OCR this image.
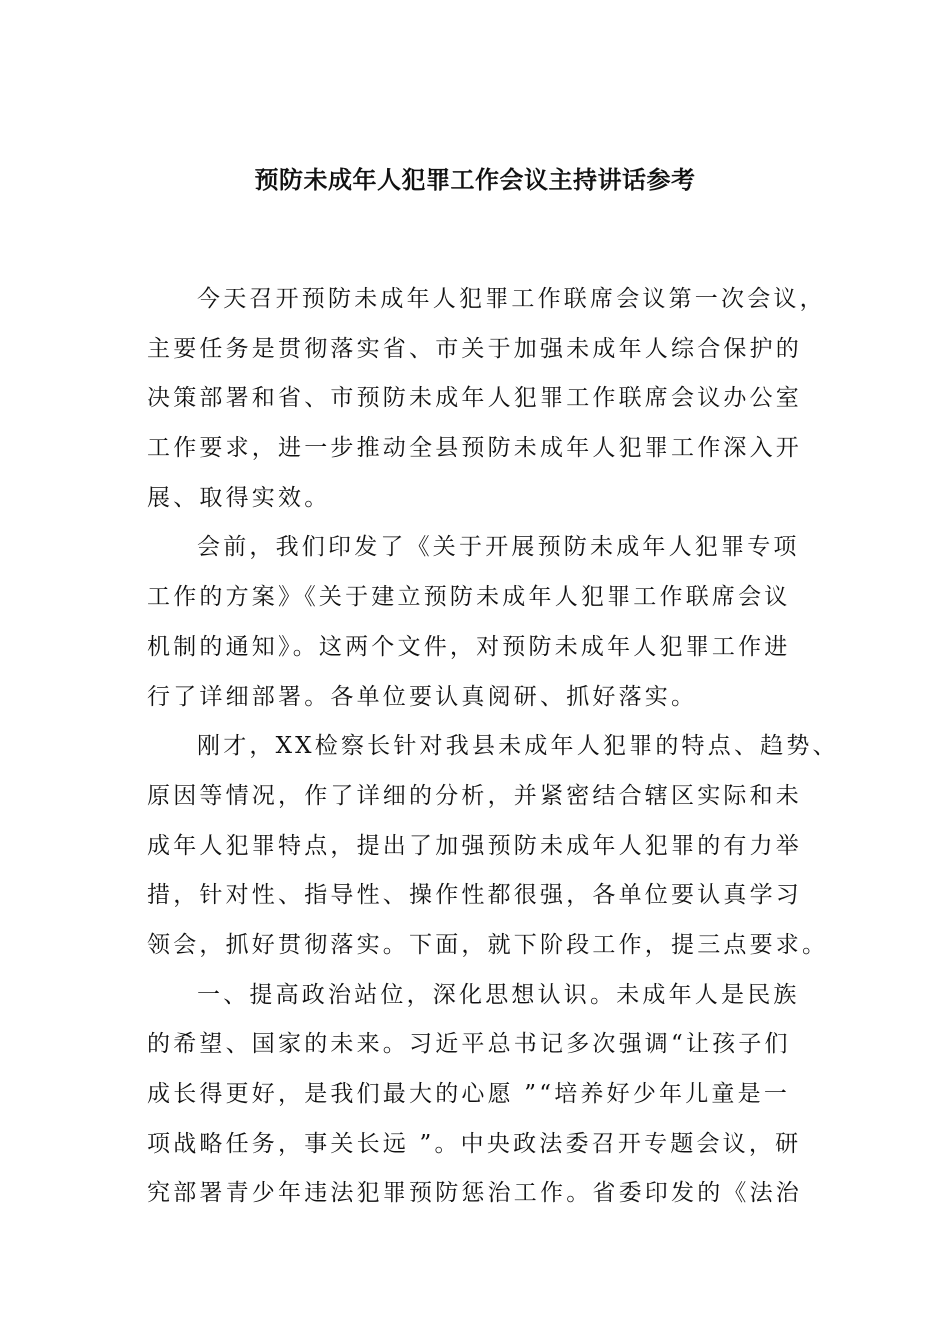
预防未成年人犯罪工作会议主持讲话参考
今天召开预防未成年人犯罪工作联席会议第一次会议，
主要任务是贯彻落实省、市关于加强未成年人综合保护的
决策部署和省、市预防未成年人犯罪工作联席会议办公室
工作要求，进一步推动全县预防未成年人犯罪工作深入开
展、取得实效。
会前，我们印发了《关于开展预防未成年人犯罪专项
工作的方案》《关于建立预防未成年人犯罪工作联席会议
机制的通知》。这两个文件，对预防未成年人犯罪工作进
行了详细部署。各单位要认真阅研、抓好落实。
刚才，XX检察长针对我县未成年人犯罪的特点、趋势、
原因等情况，作了详细的分析，并紧密结合辖区实际和未
成年人犯罪特点，提出了加强预防未成年人犯罪的有力举
措，针对性、指导性、操作性都很强，各单位要认真学习
领会，抓好贯彻落实。下面，就下阶段工作，提三点要求。
一、提高政治站位，深化思想认识。未成年人是民族
的希望、国家的未来。习近平总书记多次强调“让孩子们
成长得更好，是我们最大的心愿 ”“培养好少年儿童是一
项战略任务，事关长远 ”。中央政法委召开专题会议，研
究部署青少年违法犯罪预防惩治工作。省委印发的《法治
